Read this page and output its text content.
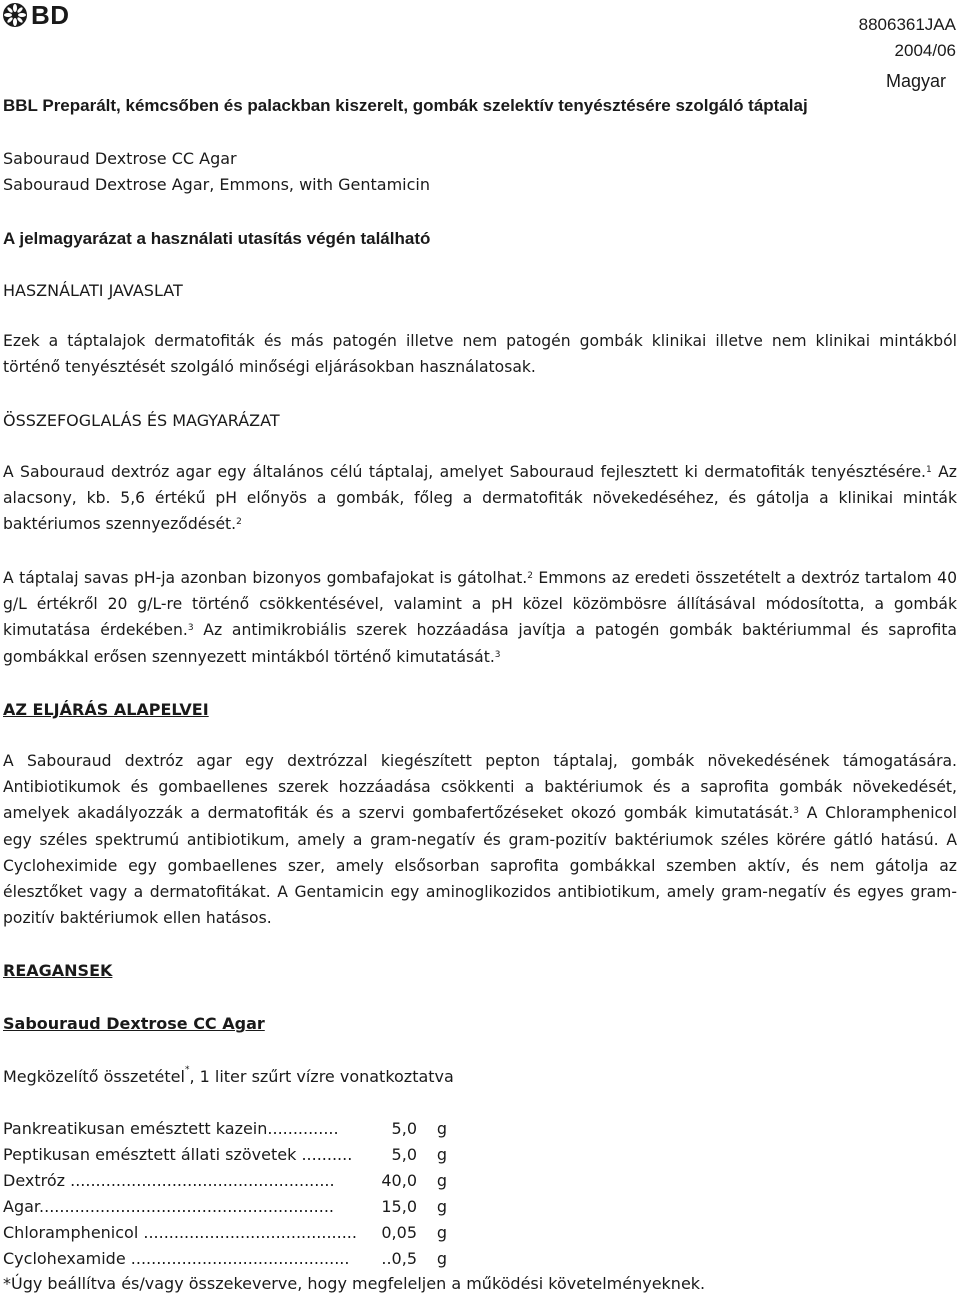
BD	8806361JAA
2004/06
Magyar
BBL Preparált, kémcsőben és palackban kiszerelt, gombák szelektív tenyésztésére szolgáló táptalaj
Sabouraud Dextrose CC Agar
Sabouraud Dextrose Agar, Emmons, with Gentamicin
A jelmagyarázat a használati utasítás végén található
HASZNÁLATI JAVASLAT
Ezek a táptalajok dermatofiták és más patogén illetve nem patogén gombák klinikai illetve nem klinikai mintákból történő tenyésztését szolgáló minőségi eljárásokban használatosak.
ÖSSZEFOGLALÁS ÉS MAGYARÁZAT
A Sabouraud dextróz agar egy általános célú táptalaj, amelyet Sabouraud fejlesztett ki dermatofiták tenyésztésére.$^1$ Az alacsony, kb. 5,6 értékű pH előnyös a gombák, főleg a dermatofiták növekedéséhez, és gátolja a klinikai minták baktériumos szennyeződését.$^2$
A táptalaj savas pH-ja azonban bizonyos gombafajokat is gátolhat.$^2$ Emmons az eredeti összetételt a dextróz tartalom 40 g/L értékről 20 g/L-re történő csökkentésével, valamint a pH közel közömbösre állításával módosította, a gombák kimutatása érdekében.$^3$ Az antimikrobiális szerek hozzáadása javítja a patogén gombák baktériummal és saprofita gombákkal erősen szennyezett mintákból történő kimutatását.$^3$
AZ ELJÁRÁS ALAPELVEI
A Sabouraud dextróz agar egy dextrózzal kiegészített pepton táptalaj, gombák növekedésének támogatására. Antibiotikumok és gombaellenes szerek hozzáadása csökkenti a baktériumok és a saprofita gombák növekedését, amelyek akadályozzák a dermatofiták és a szervi gombafertőzéseket okozó gombák kimutatását.$^3$ A Chloramphenicol egy széles spektrumú antibiotikum, amely a gram-negatív és gram-pozitív baktériumok széles körére gátló hatású. A Cycloheximide egy gombaellenes szer, amely elsősorban saprofita gombákkal szemben aktív, és nem gátolja az élesztőket vagy a dermatofitákat. A Gentamicin egy aminoglikozidos antibiotikum, amely gram-negatív és egyes gram-pozitív baktériumok ellen hatásos.
REAGANSEK
Sabouraud Dextrose CC Agar
Megközelítő összetétel*, 1 liter szűrt vízre vonatkoztatva
Pankreatikusan emésztett kazein..............	5,0	g
Peptikusan emésztett állati szövetek ..........	5,0	g
Dextróz ....................................................	40,0	g
Agar..........................................................	15,0	g
Chloramphenicol ..........................................	0,05	g
Cyclohexamide ...........................................	..0,5	g
*Úgy beállítva és/vagy összekeverve, hogy megfeleljen a működési követelményeknek.
